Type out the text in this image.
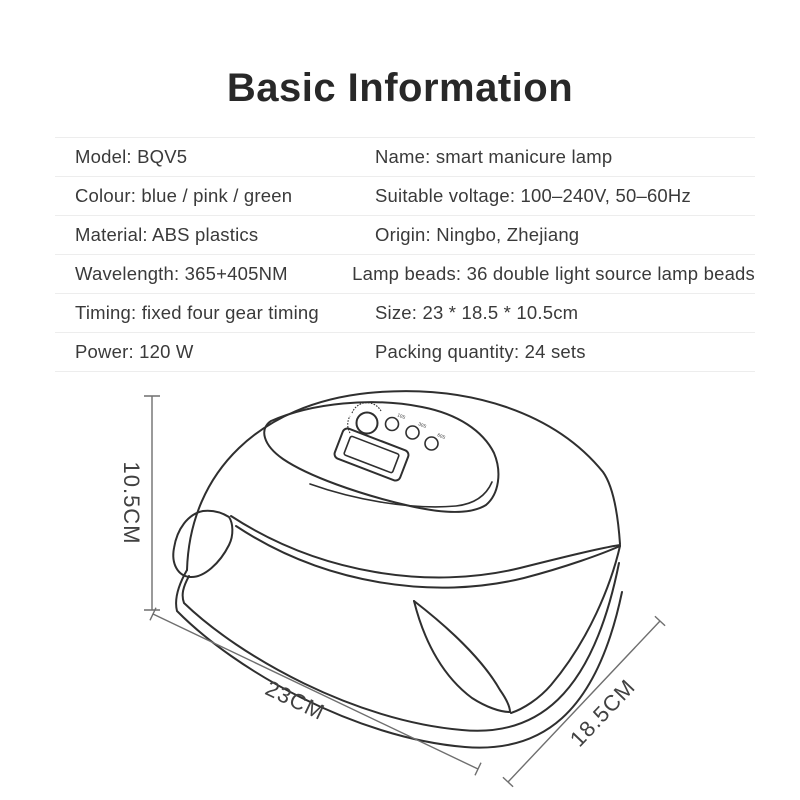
Basic Information
Model: BQV5	Name: smart manicure lamp
Colour: blue / pink / green	Suitable voltage: 100–240V, 50–60Hz
Material: ABS plastics	Origin: Ningbo, Zhejiang
Wavelength: 365+405NM	Lamp beads: 36 double light source lamp beads
Timing: fixed four gear timing	Size: 23 * 18.5 * 10.5cm
Power: 120 W	Packing quantity: 24 sets
10S
30S
60S
10.5CM
23CM	18.5CM
